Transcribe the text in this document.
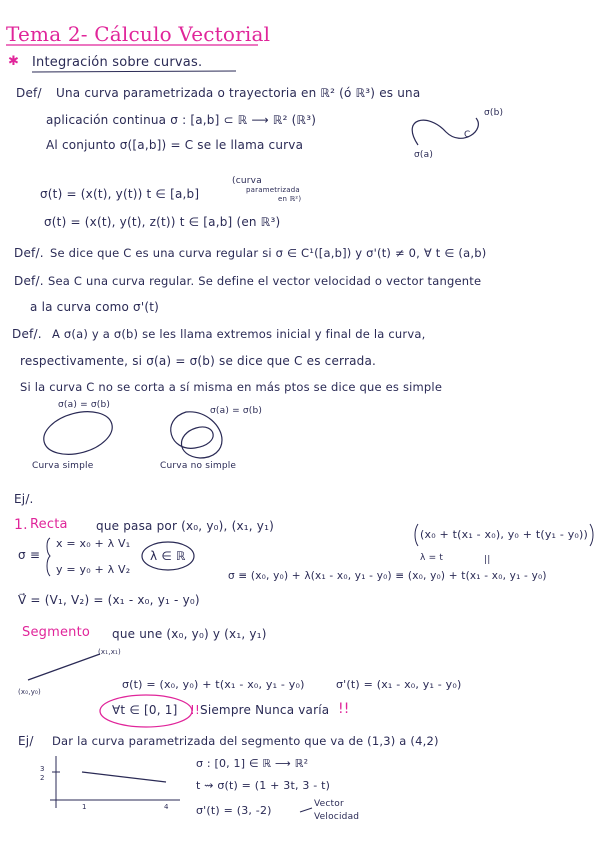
Tema 2- Cálculo Vectorial
✱ Integración sobre curvas.
Def/ Una curva parametrizada o trayectoria en ℝ² (ó ℝ³) es una
σ(b)
aplicación continua σ : [a,b] ⊂ ℝ ⟶ ℝ² (ℝ³)
Al conjunto σ([a,b]) = C se le llama curva
C
σ(a)
(curva
parametrizada
en ℝ²)
σ(t) = (x(t), y(t)) t ∈ [a,b]
σ(t) = (x(t), y(t), z(t)) t ∈ [a,b] (en ℝ³)
Def/. Se dice que C es una curva regular si σ ∈ C¹([a,b]) y σ'(t) ≠ 0, ∀ t ∈ (a,b)
Def/. Sea C una curva regular. Se define el vector velocidad o vector tangente
a la curva como σ'(t)
Def/. A σ(a) y a σ(b) se les llama extremos inicial y final de la curva,
respectivamente, si σ(a) = σ(b) se dice que C es cerrada.
Si la curva C no se corta a sí misma en más ptos se dice que es simple
σ(a) = σ(b)
σ(a) = σ(b)
Curva simple	Curva no simple
Ej/.
1. Recta que pasa por (x₀, y₀), (x₁, y₁)
σ ≡
x = x₀ + λ V₁
y = y₀ + λ V₂
λ ∈ ℝ
(x₀ + t(x₁ - x₀), y₀ + t(y₁ - y₀))
λ = t	||
σ ≡ (x₀, y₀) + λ(x₁ - x₀, y₁ - y₀) ≡ (x₀, y₀) + t(x₁ - x₀, y₁ - y₀)
V⃗ = (V₁, V₂) = (x₁ - x₀, y₁ - y₀)
Segmento que une (x₀, y₀) y (x₁, y₁)
(x₁,x₁)
(x₀,y₀)
σ(t) = (x₀, y₀) + t(x₁ - x₀, y₁ - y₀)	σ'(t) = (x₁ - x₀, y₁ - y₀)
∀t ∈ [0, 1] !! Siempre Nunca varía !!
Ej/ Dar la curva parametrizada del segmento que va de (1,3) a (4,2)
3
2
1	4
σ : [0, 1] ∈ ℝ ⟶ ℝ²
t ⇝ σ(t) = (1 + 3t, 3 - t)
σ'(t) = (3, -2)	Vector
Velocidad
